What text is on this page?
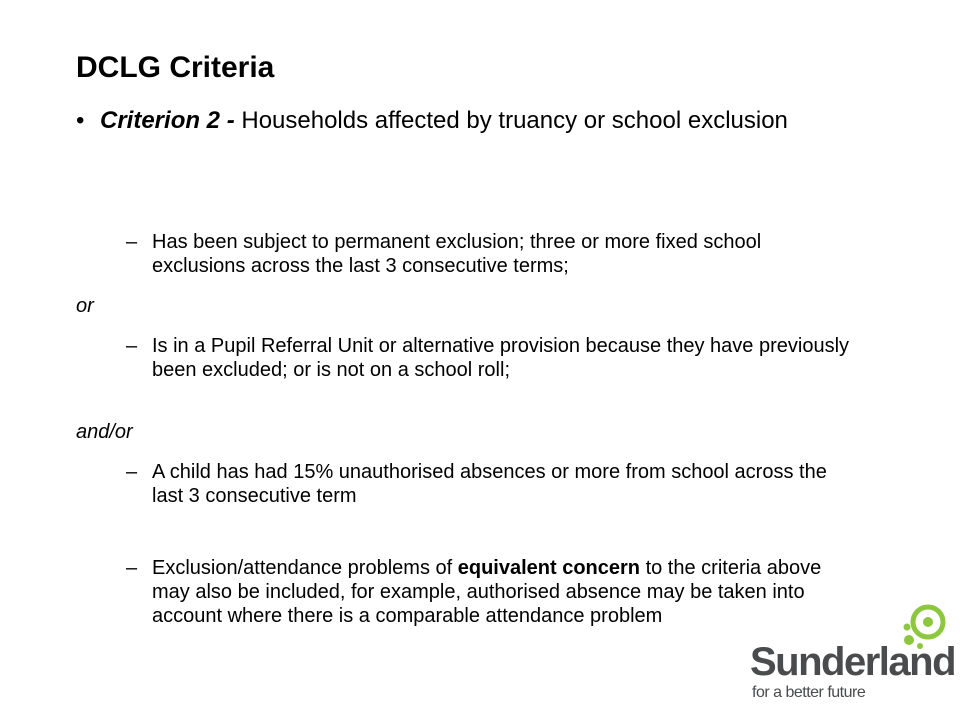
DCLG Criteria
• Criterion 2 - Households affected by truancy or school exclusion
– Has been subject to permanent exclusion; three or more fixed school exclusions across the last 3 consecutive terms;
or
– Is in a Pupil Referral Unit or alternative provision because they have previously been excluded; or is not on a school roll;
and/or
– A child has had 15% unauthorised absences or more from school across the last 3 consecutive term
– Exclusion/attendance problems of equivalent concern to the criteria above may also be included, for example, authorised absence may be taken into account where there is a comparable attendance problem
Sunderland
for a better future
